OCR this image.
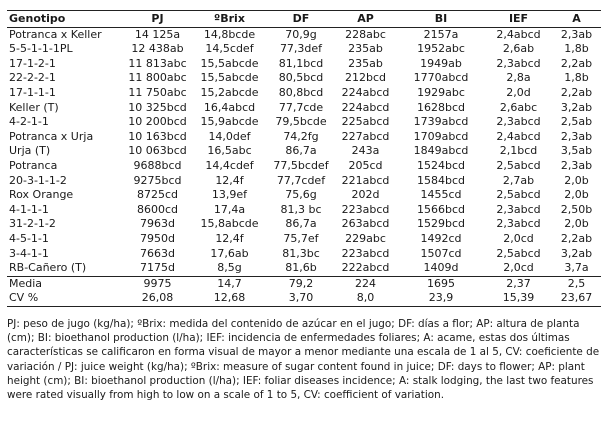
Genotipo	PJ	ºBrix	DF	AP	BI	IEF	A
Potranca x Keller	14 125a	14,8bcde	70,9g	228abc	2157a	2,4abcd	2,3ab
5-5-1-1-1PL	12 438ab	14,5cdef	77,3def	235ab	1952abc	2,6ab	1,8b
17-1-2-1	11 813abc	15,5abcde	81,1bcd	235ab	1949ab	2,3abcd	2,2ab
22-2-2-1	11 800abc	15,5abcde	80,5bcd	212bcd	1770abcd	2,8a	1,8b
17-1-1-1	11 750abc	15,2abcde	80,8bcd	224abcd	1929abc	2,0d	2,2ab
Keller (T)	10 325bcd	16,4abcd	77,7cde	224abcd	1628bcd	2,6abc	3,2ab
4-2-1-1	10 200bcd	15,9abcde	79,5bcde	225abcd	1739abcd	2,3abcd	2,5ab
Potranca x Urja	10 163bcd	14,0def	74,2fg	227abcd	1709abcd	2,4abcd	2,3ab
Urja (T)	10 063bcd	16,5abc	86,7a	243a	1849abcd	2,1bcd	3,5ab
Potranca	9688bcd	14,4cdef	77,5bcdef	205cd	1524bcd	2,5abcd	2,3ab
20-3-1-1-2	9275bcd	12,4f	77,7cdef	221abcd	1584bcd	2,7ab	2,0b
Rox Orange	8725cd	13,9ef	75,6g	202d	1455cd	2,5abcd	2,0b
4-1-1-1	8600cd	17,4a	81,3 bc	223abcd	1566bcd	2,3abcd	2,50b
31-2-1-2	7963d	15,8abcde	86,7a	263abcd	1529bcd	2,3abcd	2,0b
4-5-1-1	7950d	12,4f	75,7ef	229abc	1492cd	2,0cd	2,2ab
3-4-1-1	7663d	17,6ab	81,3bc	223abcd	1507cd	2,5abcd	3,2ab
RB-Cañero (T)	7175d	8,5g	81,6b	222abcd	1409d	2,0cd	3,7a
Media	9975	14,7	79,2	224	1695	2,37	2,5
CV %	26,08	12,68	3,70	8,0	23,9	15,39	23,67
PJ: peso de jugo (kg/ha); ºBrix: medida del contenido de azúcar en el jugo; DF: días a flor; AP: altura de planta (cm); BI: bioethanol production (l/ha); IEF: incidencia de enfermedades foliares; A: acame, estas dos últimas características se calificaron en forma visual de mayor a menor mediante una escala de 1 al 5, CV: coeficiente de variación / PJ: juice weight (kg/ha); ºBrix: measure of sugar content found in juice; DF: days to flower; AP: plant height (cm); BI: bioethanol production (l/ha); IEF: foliar diseases incidence; A: stalk lodging, the last two features were rated visually from high to low on a scale of 1 to 5, CV: coefficient of variation.
